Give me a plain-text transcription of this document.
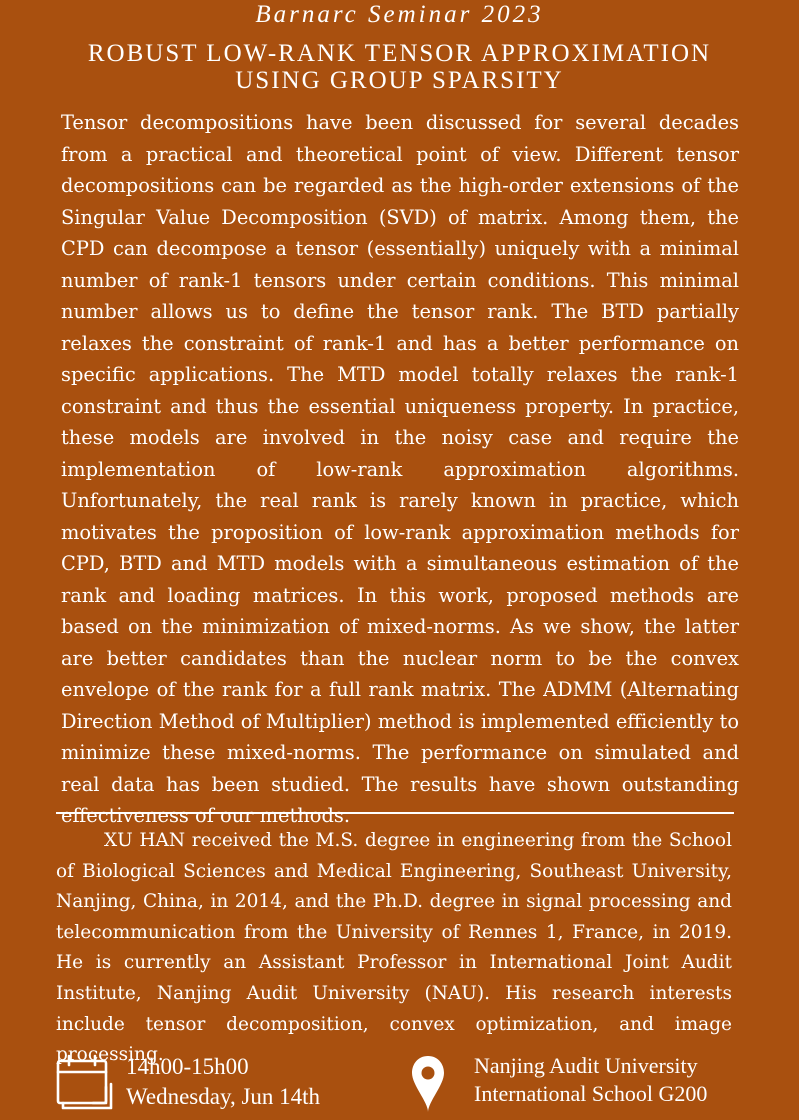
Barnarc Seminar 2023
ROBUST LOW-RANK TENSOR APPROXIMATION
USING GROUP SPARSITY

Tensor decompositions have been discussed for several decades from a practical and theoretical point of view. Different tensor decompositions can be regarded as the high-order extensions of the Singular Value Decomposition (SVD) of matrix. Among them, the CPD can decompose a tensor (essentially) uniquely with a minimal number of rank-1 tensors under certain conditions. This minimal number allows us to define the tensor rank. The BTD partially relaxes the constraint of rank-1 and has a better performance on specific applications. The MTD model totally relaxes the rank-1 constraint and thus the essential uniqueness property. In practice, these models are involved in the noisy case and require the implementation of low-rank approximation algorithms. Unfortunately, the real rank is rarely known in practice, which motivates the proposition of low-rank approximation methods for CPD, BTD and MTD models with a simultaneous estimation of the rank and loading matrices. In this work, proposed methods are based on the minimization of mixed-norms. As we show, the latter are better candidates than the nuclear norm to be the convex envelope of the rank for a full rank matrix. The ADMM (Alternating Direction Method of Multiplier) method is implemented efficiently to minimize these mixed-norms. The performance on simulated and real data has been studied. The results have shown outstanding effectiveness of our methods.

XU HAN received the M.S. degree in engineering from the School of Biological Sciences and Medical Engineering, Southeast University, Nanjing, China, in 2014, and the Ph.D. degree in signal processing and telecommunication from the University of Rennes 1, France, in 2019. He is currently an Assistant Professor in International Joint Audit Institute, Nanjing Audit University (NAU). His research interests include tensor decomposition, convex optimization, and image processing.

14h00-15h00
Wednesday, Jun 14th
Nanjing Audit University
International School G200
